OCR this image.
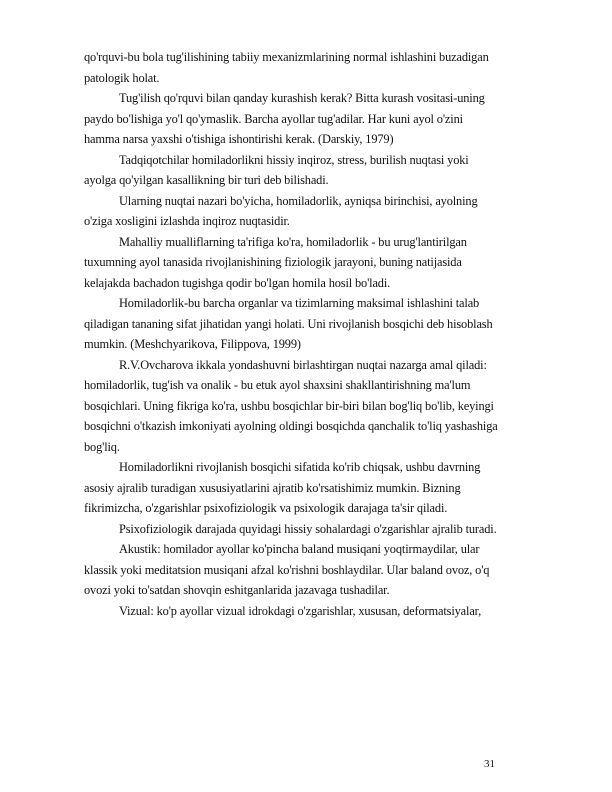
qo'rquvi-bu bola tug'ilishining tabiiy mexanizmlarining normal ishlashini buzadigan
patologik holat.
Tug'ilish qo'rquvi bilan qanday kurashish kerak? Bitta kurash vositasi-uning
paydo bo'lishiga yo'l qo'ymaslik. Barcha ayollar tug'adilar. Har kuni ayol o'zini
hamma narsa yaxshi o'tishiga ishontirishi kerak. (Darskiy, 1979)
Tadqiqotchilar homiladorlikni hissiy inqiroz, stress, burilish nuqtasi yoki
ayolga qo'yilgan kasallikning bir turi deb bilishadi.
Ularning nuqtai nazari bo'yicha, homiladorlik, ayniqsa birinchisi, ayolning
o'ziga xosligini izlashda inqiroz nuqtasidir.
Mahalliy mualliflarning ta'rifiga ko'ra, homiladorlik - bu urug'lantirilgan
tuxumning ayol tanasida rivojlanishining fiziologik jarayoni, buning natijasida
kelajakda bachadon tugishga qodir bo'lgan homila hosil bo'ladi.
Homiladorlik-bu barcha organlar va tizimlarning maksimal ishlashini talab
qiladigan tananing sifat jihatidan yangi holati. Uni rivojlanish bosqichi deb hisoblash
mumkin. (Meshchyarikova, Filippova, 1999)
R.V.Ovcharova ikkala yondashuvni birlashtirgan nuqtai nazarga amal qiladi:
homiladorlik, tug'ish va onalik - bu etuk ayol shaxsini shakllantirishning ma'lum
bosqichlari. Uning fikriga ko'ra, ushbu bosqichlar bir-biri bilan bog'liq bo'lib, keyingi
bosqichni o'tkazish imkoniyati ayolning oldingi bosqichda qanchalik to'liq yashashiga
bog'liq.
Homiladorlikni rivojlanish bosqichi sifatida ko'rib chiqsak, ushbu davrning
asosiy ajralib turadigan xususiyatlarini ajratib ko'rsatishimiz mumkin. Bizning
fikrimizcha, o'zgarishlar psixofiziologik va psixologik darajaga ta'sir qiladi.
Psixofiziologik darajada quyidagi hissiy sohalardagi o'zgarishlar ajralib turadi.
Akustik: homilador ayollar ko'pincha baland musiqani yoqtirmaydilar, ular
klassik yoki meditatsion musiqani afzal ko'rishni boshlaydilar. Ular baland ovoz, o'q
ovozi yoki to'satdan shovqin eshitganlarida jazavaga tushadilar.
Vizual: ko'p ayollar vizual idrokdagi o'zgarishlar, xususan, deformatsiyalar,
31
